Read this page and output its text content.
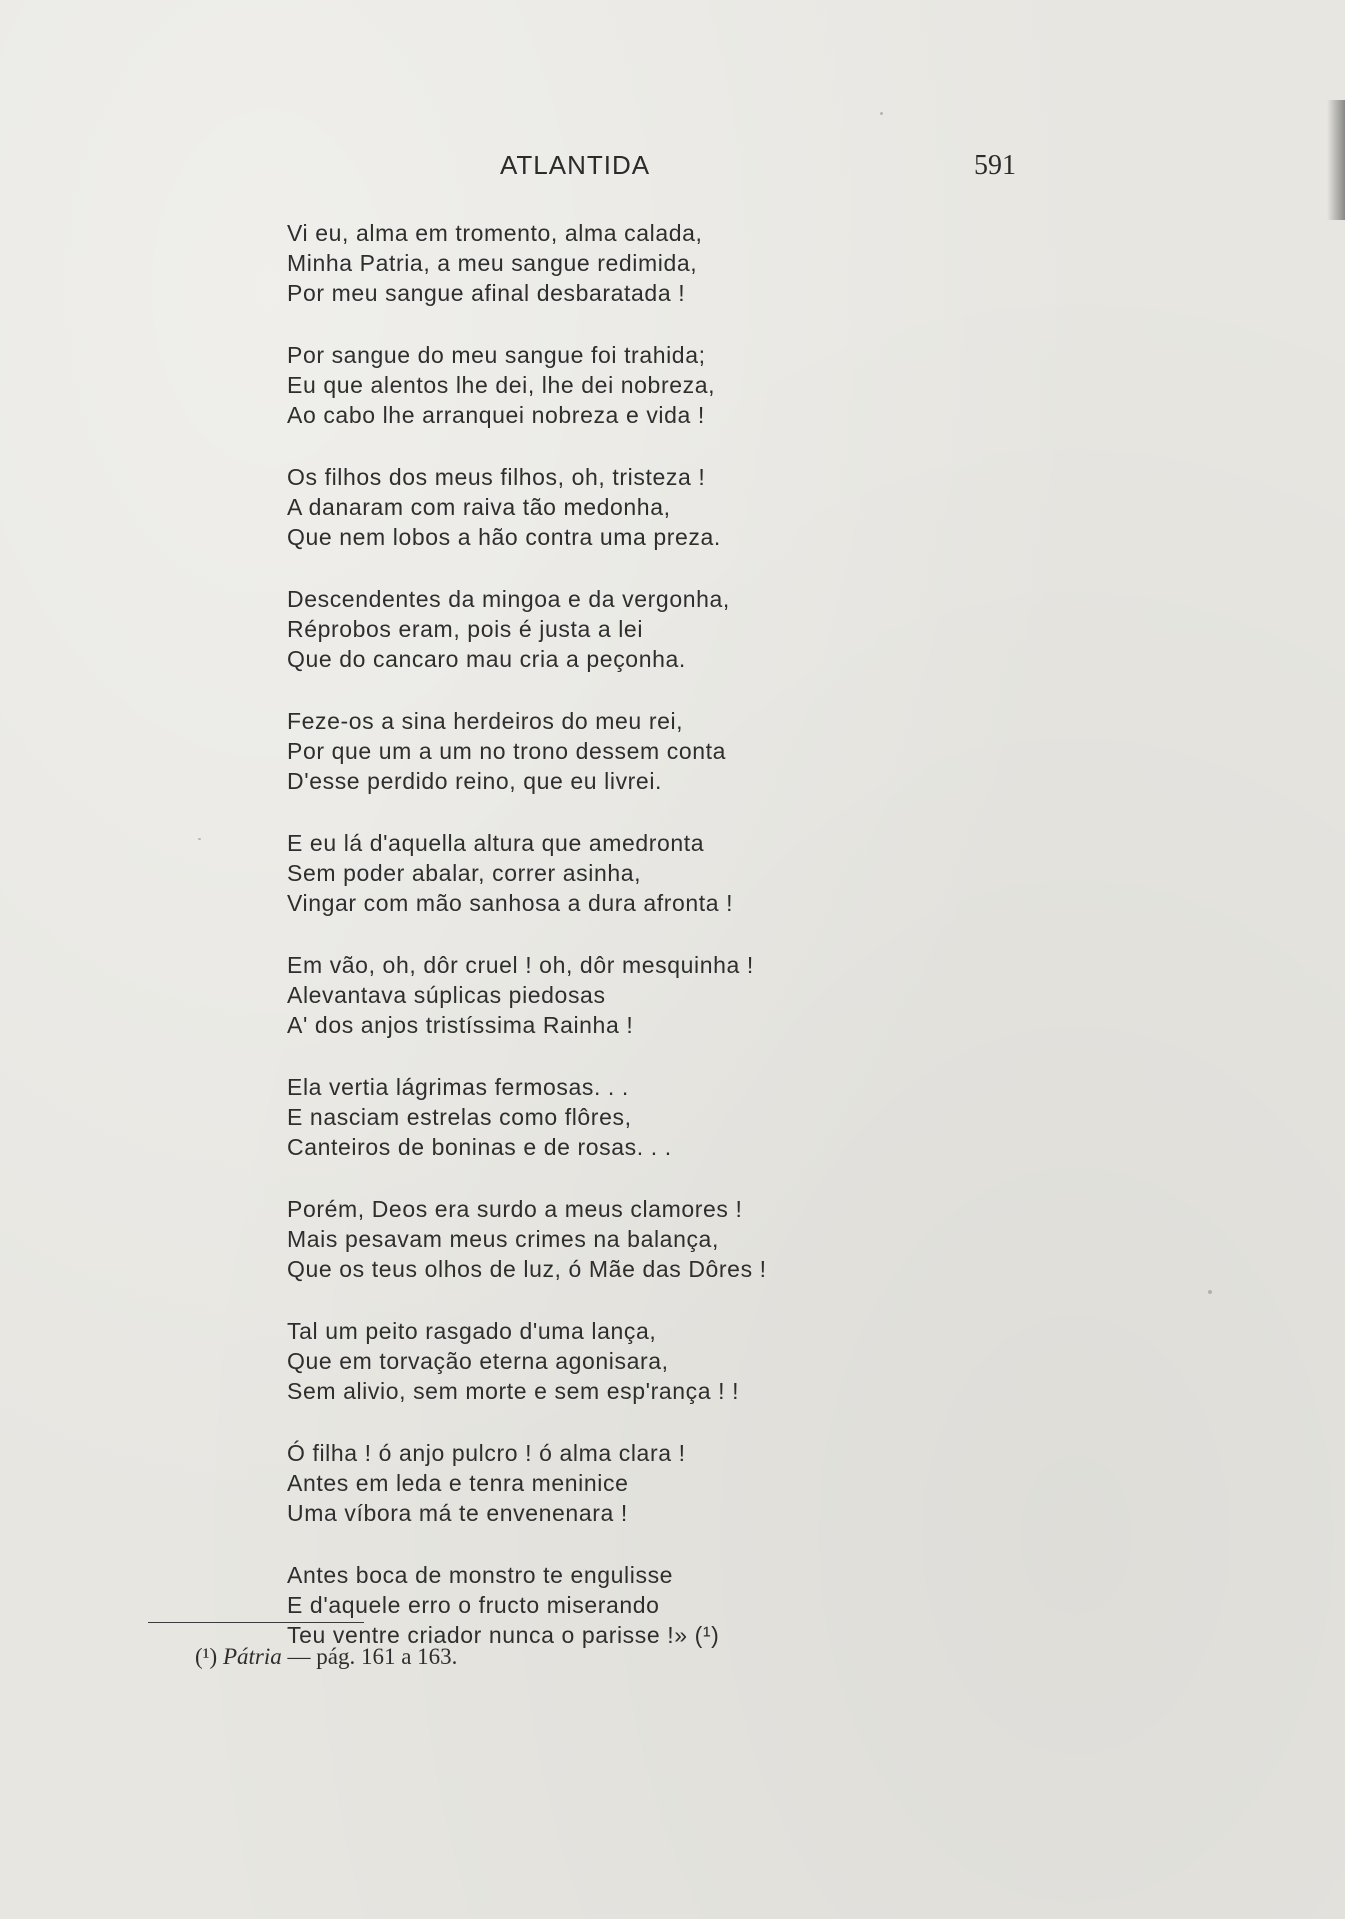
ATLANTIDA	591
Vi eu, alma em tromento, alma calada,
Minha Patria, a meu sangue redimida,
Por meu sangue afinal desbaratada !
Por sangue do meu sangue foi trahida;
Eu que alentos lhe dei, lhe dei nobreza,
Ao cabo lhe arranquei nobreza e vida !
Os filhos dos meus filhos, oh, tristeza !
A danaram com raiva tão medonha,
Que nem lobos a hão contra uma preza.
Descendentes da mingoa e da vergonha,
Réprobos eram, pois é justa a lei
Que do cancaro mau cria a peçonha.
Feze-os a sina herdeiros do meu rei,
Por que um a um no trono dessem conta
D'esse perdido reino, que eu livrei.
E eu lá d'aquella altura que amedronta
Sem poder abalar, correr asinha,
Vingar com mão sanhosa a dura afronta !
Em vão, oh, dôr cruel ! oh, dôr mesquinha !
Alevantava súplicas piedosas
A' dos anjos tristíssima Rainha !
Ela vertia lágrimas fermosas. . .
E nasciam estrelas como flôres,
Canteiros de boninas e de rosas. . .
Porém, Deos era surdo a meus clamores !
Mais pesavam meus crimes na balança,
Que os teus olhos de luz, ó Mãe das Dôres !
Tal um peito rasgado d'uma lança,
Que em torvação eterna agonisara,
Sem alivio, sem morte e sem esp'rança ! !
Ó filha ! ó anjo pulcro ! ó alma clara !
Antes em leda e tenra meninice
Uma víbora má te envenenara !
Antes boca de monstro te engulisse
E d'aquele erro o fructo miserando
Teu ventre criador nunca o parisse !» (¹)
(¹) Pátria — pág. 161 a 163.
